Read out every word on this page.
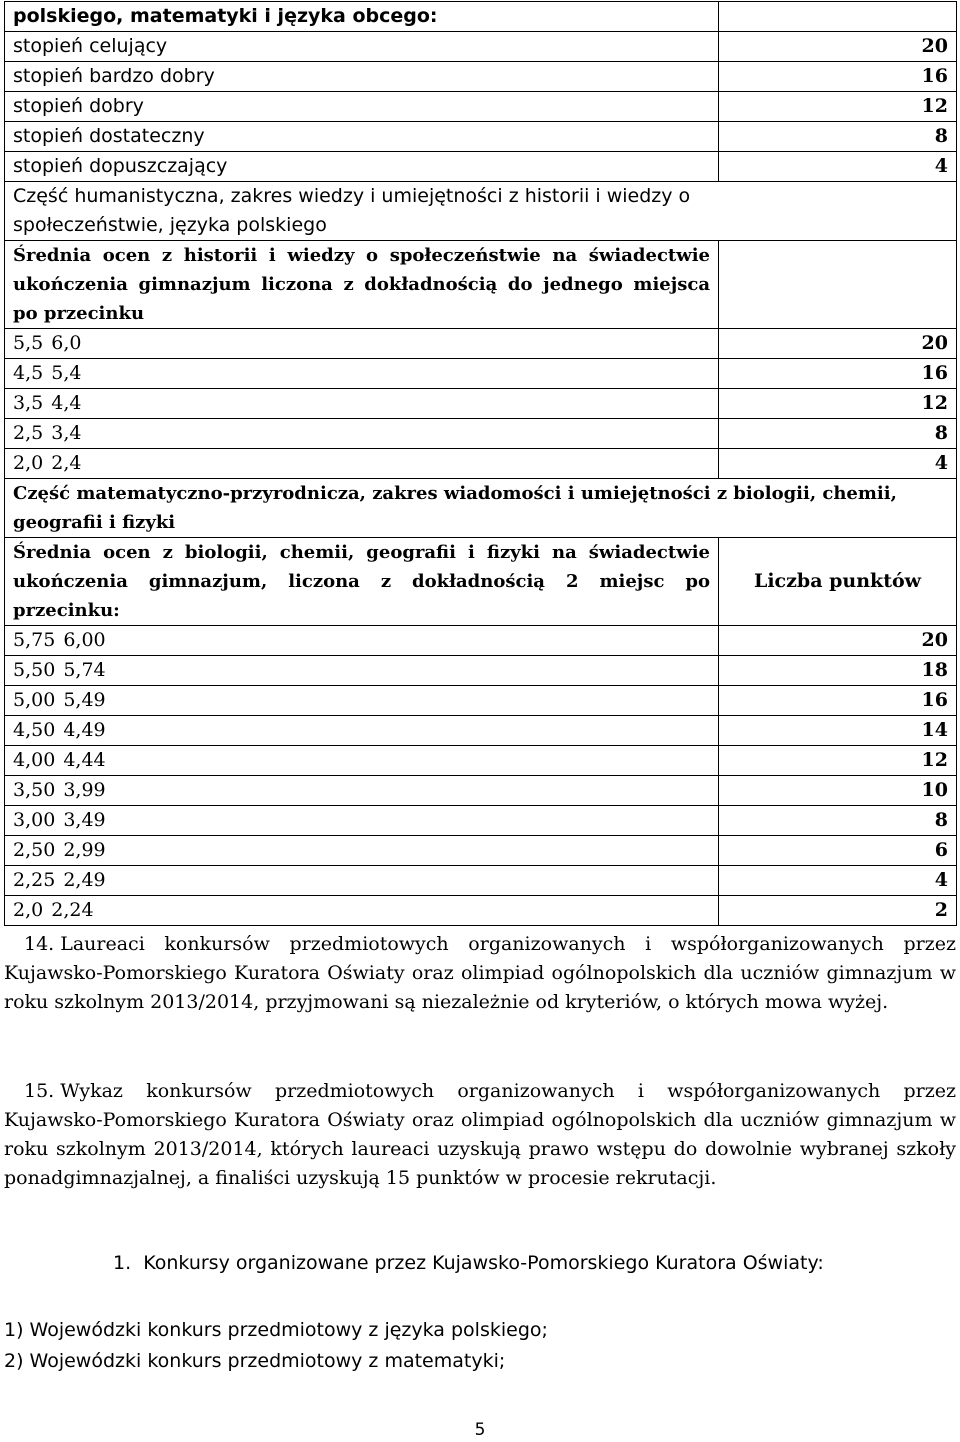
polskiego, matematyki i języka obcego:	
stopień celujący	20
stopień bardzo dobry	16
stopień dobry	12
stopień dostateczny	8
stopień dopuszczający	4
Część humanistyczna, zakres wiedzy i umiejętności z historii i wiedzy o społeczeństwie, języka polskiego	
Średnia ocen z historii i wiedzy o społeczeństwie na świadectwie ukończenia gimnazjum liczona z dokładnością do jednego miejsca po przecinku	
5,5 6,0	20
4,5 5,4	16
3,5 4,4	12
2,5 3,4	8
2,0 2,4	4
Część matematyczno-przyrodnicza, zakres wiadomości i umiejętności z biologii, chemii, geografii i fizyki	
Średnia ocen z biologii, chemii, geografii i fizyki na świadectwie ukończenia gimnazjum, liczona z dokładnością 2 miejsc po przecinku:	Liczba punktów
5,75 6,00	20
5,50 5,74	18
5,00 5,49	16
4,50 4,49	14
4,00 4,44	12
3,50 3,99	10
3,00 3,49	8
2,50 2,99	6
2,25 2,49	4
2,0 2,24	2
14. Laureaci konkursów przedmiotowych organizowanych i współorganizowanych przez Kujawsko-Pomorskiego Kuratora Oświaty oraz olimpiad ogólnopolskich dla uczniów gimnazjum w roku szkolnym 2013/2014, przyjmowani są niezależnie od kryteriów, o których mowa wyżej.
15. Wykaz konkursów przedmiotowych organizowanych i współorganizowanych przez Kujawsko-Pomorskiego Kuratora Oświaty oraz olimpiad ogólnopolskich dla uczniów gimnazjum w roku szkolnym 2013/2014, których laureaci uzyskują prawo wstępu do dowolnie wybranej szkoły ponadgimnazjalnej, a finaliści uzyskują 15 punktów w procesie rekrutacji.
1. Konkursy organizowane przez Kujawsko-Pomorskiego Kuratora Oświaty:
1) Wojewódzki konkurs przedmiotowy z języka polskiego;
2) Wojewódzki konkurs przedmiotowy z matematyki;
5
